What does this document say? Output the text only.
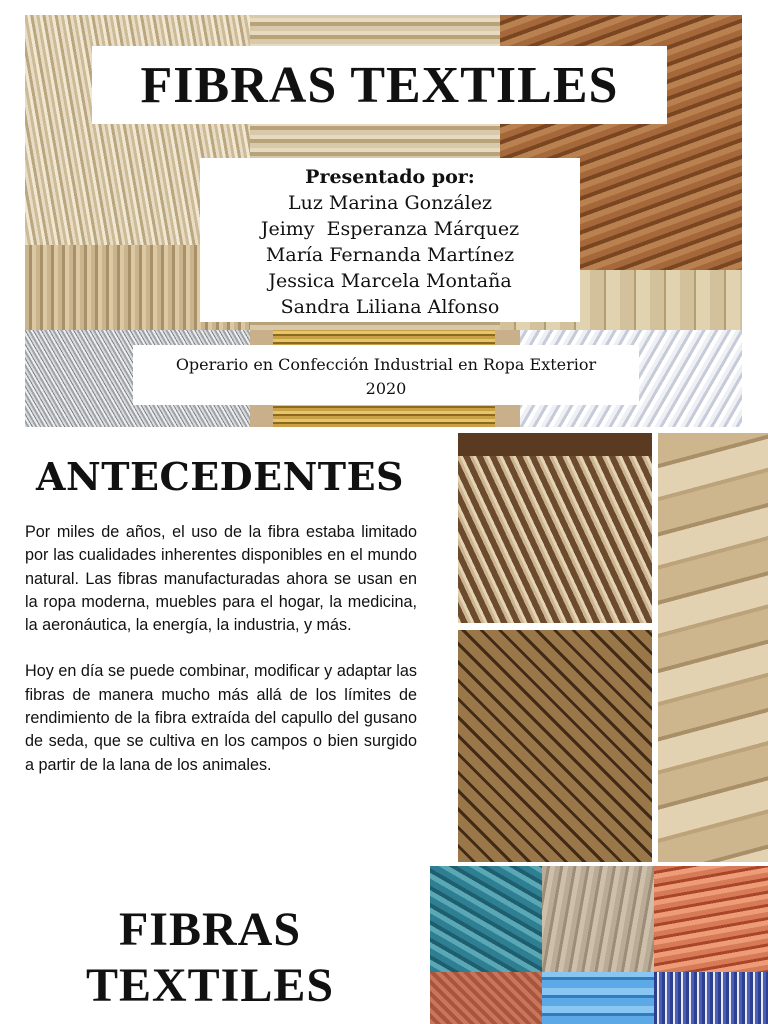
FIBRAS TEXTILES
Presentado por:
Luz Marina González
Jeimy  Esperanza Márquez
María Fernanda Martínez
Jessica Marcela Montaña
Sandra Liliana Alfonso
Operario en Confección Industrial en Ropa Exterior
2020
ANTECEDENTES

Por miles de años, el uso de la fibra estaba limitado por las cualidades inherentes disponibles en el mundo natural. Las fibras manufacturadas ahora se usan en la ropa moderna, muebles para el hogar, la medicina, la aeronáutica, la energía, la industria, y más.

Hoy en día se puede combinar, modificar y adaptar las fibras de manera mucho más allá de los límites de rendimiento de la fibra extraída del capullo del gusano de seda, que se cultiva en los campos o bien surgido a partir de la lana de los animales.

FIBRAS
TEXTILES
